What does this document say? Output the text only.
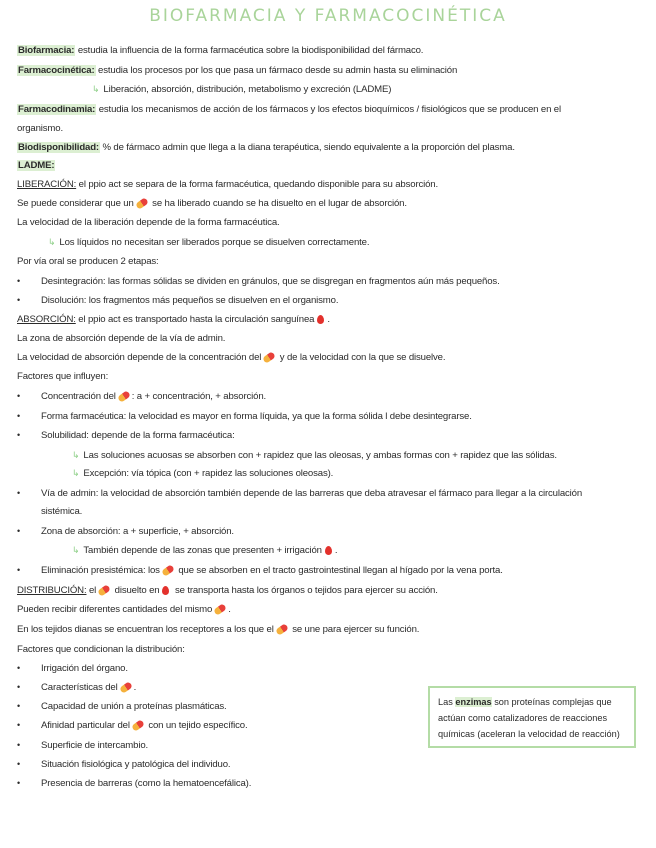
BIOFARMACIA Y FARMACOCINÉTICA
Biofarmacia: estudia la influencia de la forma farmacéutica sobre la biodisponibilidad del fármaco.
Farmacocinética: estudia los procesos por los que pasa un fármaco desde su admin hasta su eliminación
↳ Liberación, absorción, distribución, metabolismo y excreción (LADME)
Farmacodinamia: estudia los mecanismos de acción de los fármacos y los efectos bioquímicos / fisiológicos que se producen en el
organismo.
Biodisponibilidad: % de fármaco admin que llega a la diana terapéutica, siendo equivalente a la proporción del plasma.
LADME:
LIBERACIÓN: el ppio act se separa de la forma farmacéutica, quedando disponible para su absorción.
Se puede considerar que un se ha liberado cuando se ha disuelto en el lugar de absorción.
La velocidad de la liberación depende de la forma farmacéutica.
↳ Los líquidos no necesitan ser liberados porque se disuelven correctamente.
Por vía oral se producen 2 etapas:
• Desintegración: las formas sólidas se dividen en gránulos, que se disgregan en fragmentos aún más pequeños.
• Disolución: los fragmentos más pequeños se disuelven en el organismo.
ABSORCIÓN: el ppio act es transportado hasta la circulación sanguínea .
La zona de absorción depende de la vía de admin.
La velocidad de absorción depende de la concentración del y de la velocidad con la que se disuelve.
Factores que influyen:
• Concentración del : a + concentración, + absorción.
• Forma farmacéutica: la velocidad es mayor en forma líquida, ya que la forma sólida l debe desintegrarse.
• Solubilidad: depende de la forma farmacéutica:
↳ Las soluciones acuosas se absorben con + rapidez que las oleosas, y ambas formas con + rapidez que las sólidas.
↳ Excepción: vía tópica (con + rapidez las soluciones oleosas).
• Vía de admin: la velocidad de absorción también depende de las barreras que deba atravesar el fármaco para llegar a la circulación
sistémica.
• Zona de absorción: a + superficie, + absorción.
↳ También depende de las zonas que presenten + irrigación .
• Eliminación presistémica: los que se absorben en el tracto gastrointestinal llegan al hígado por la vena porta.
DISTRIBUCIÓN: el disuelto en se transporta hasta los órganos o tejidos para ejercer su acción.
Pueden recibir diferentes cantidades del mismo .
En los tejidos dianas se encuentran los receptores a los que el se une para ejercer su función.
Factores que condicionan la distribución:
• Irrigación del órgano.
• Características del .
• Capacidad de unión a proteínas plasmáticas.
• Afinidad particular del con un tejido específico.
• Superficie de intercambio.
• Situación fisiológica y patológica del individuo.
• Presencia de barreras (como la hematoencefálica).
Las enzimas son proteínas complejas que
actúan como catalizadores de reacciones
químicas (aceleran la velocidad de reacción)
